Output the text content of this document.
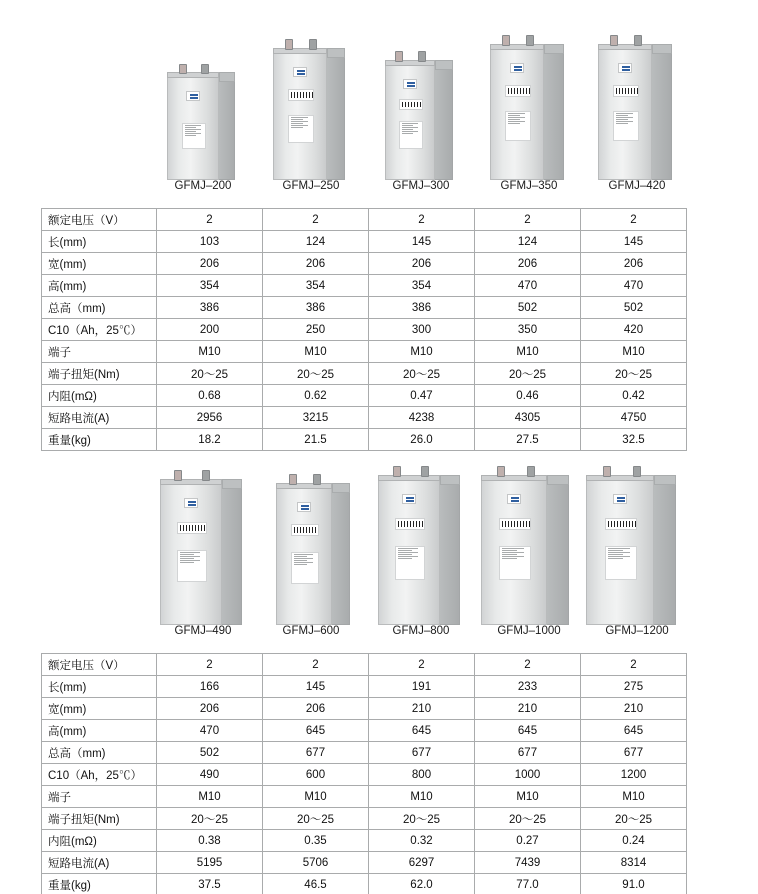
GFMJ–200	GFMJ–250	GFMJ–300	GFMJ–350	GFMJ–420
额定电压（V）	2	2	2	2	2
长(mm)	103	124	145	124	145
宽(mm)	206	206	206	206	206
高(mm)	354	354	354	470	470
总高（mm)	386	386	386	502	502
C10（Ah，25℃）	200	250	300	350	420
端子	M10	M10	M10	M10	M10
端子扭矩(Nm)	20～25	20～25	20～25	20～25	20～25
内阻(mΩ)	0.68	0.62	0.47	0.46	0.42
短路电流(A)	2956	3215	4238	4305	4750
重量(kg)	18.2	21.5	26.0	27.5	32.5
GFMJ–490	GFMJ–600	GFMJ–800	GFMJ–1000	GFMJ–1200
额定电压（V）	2	2	2	2	2
长(mm)	166	145	191	233	275
宽(mm)	206	206	210	210	210
高(mm)	470	645	645	645	645
总高（mm)	502	677	677	677	677
C10（Ah，25℃）	490	600	800	1000	1200
端子	M10	M10	M10	M10	M10
端子扭矩(Nm)	20～25	20～25	20～25	20～25	20～25
内阻(mΩ)	0.38	0.35	0.32	0.27	0.24
短路电流(A)	5195	5706	6297	7439	8314
重量(kg)	37.5	46.5	62.0	77.0	91.0
